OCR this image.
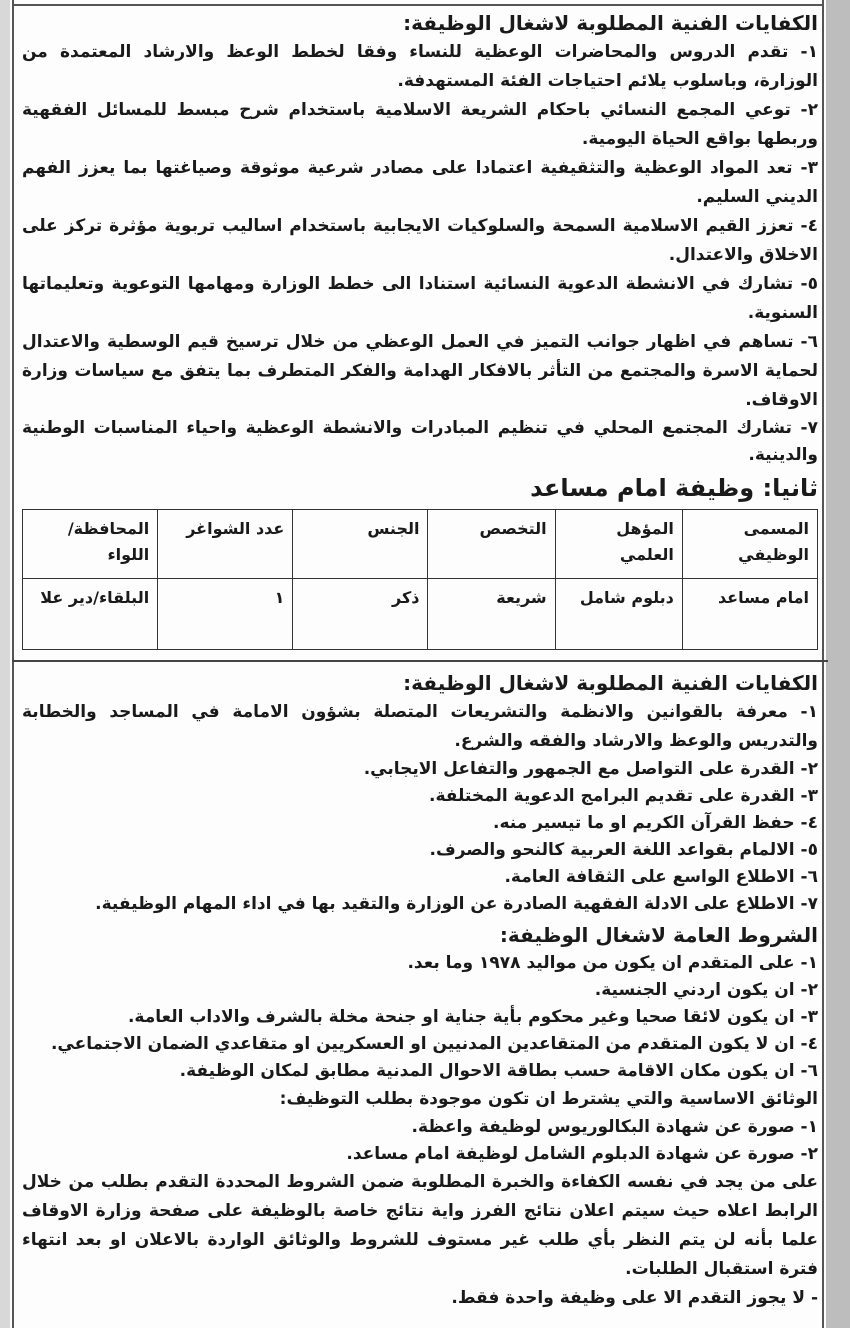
الكفايات الفنية المطلوبة لاشغال الوظيفة:

١- تقدم الدروس والمحاضرات الوعظية للنساء وفقا لخطط الوعظ والارشاد المعتمدة من الوزارة، وباسلوب يلائم احتياجات الفئة المستهدفة.

٢- توعي المجمع النسائي باحكام الشريعة الاسلامية باستخدام شرح مبسط للمسائل الفقهية وربطها بواقع الحياة اليومية.

٣- تعد المواد الوعظية والتثقيفية اعتمادا على مصادر شرعية موثوقة وصياغتها بما يعزز الفهم الديني السليم.

٤- تعزز القيم الاسلامية السمحة والسلوكيات الايجابية باستخدام اساليب تربوية مؤثرة تركز على الاخلاق والاعتدال.

٥- تشارك في الانشطة الدعوية النسائية استنادا الى خطط الوزارة ومهامها التوعوية وتعليماتها السنوية.

٦- تساهم في اظهار جوانب التميز في العمل الوعظي من خلال ترسيخ قيم الوسطية والاعتدال لحماية الاسرة والمجتمع من التأثر بالافكار الهدامة والفكر المتطرف بما يتفق مع سياسات وزارة الاوقاف.

٧- تشارك المجتمع المحلي في تنظيم المبادرات والانشطة الوعظية واحياء المناسبات الوطنية والدينية.

ثانيا: وظيفة امام مساعد
المسمى الوظيفي	المؤهل العلمي	التخصص	الجنس	عدد الشواغر	المحافظة/ اللواء
امام مساعد	دبلوم شامل	شريعة	ذكر	١	البلقاء/دير علا
الكفايات الفنية المطلوبة لاشغال الوظيفة:

١- معرفة بالقوانين والانظمة والتشريعات المتصلة بشؤون الامامة في المساجد والخطابة والتدريس والوعظ والارشاد والفقه والشرع.

٢- القدرة على التواصل مع الجمهور والتفاعل الايجابي.

٣- القدرة على تقديم البرامج الدعوية المختلفة.

٤- حفظ القرآن الكريم او ما تيسير منه.

٥- الالمام بقواعد اللغة العربية كالنحو والصرف.

٦- الاطلاع الواسع على الثقافة العامة.

٧- الاطلاع على الادلة الفقهية الصادرة عن الوزارة والتقيد بها في اداء المهام الوظيفية.

الشروط العامة لاشغال الوظيفة:

١- على المتقدم ان يكون من مواليد ١٩٧٨ وما بعد.

٢- ان يكون اردني الجنسية.

٣- ان يكون لائقا صحيا وغير محكوم بأية جناية او جنحة مخلة بالشرف والاداب العامة.

٤- ان لا يكون المتقدم من المتقاعدين المدنيين او العسكريين او متقاعدي الضمان الاجتماعي.

٦- ان يكون مكان الاقامة حسب بطاقة الاحوال المدنية مطابق لمكان الوظيفة.

الوثائق الاساسية والتي يشترط ان تكون موجودة بطلب التوظيف:

١- صورة عن شهادة البكالوريوس لوظيفة واعظة.

٢- صورة عن شهادة الدبلوم الشامل لوظيفة امام مساعد.

على من يجد في نفسه الكفاءة والخبرة المطلوبة ضمن الشروط المحددة التقدم بطلب من خلال الرابط اعلاه حيث سيتم اعلان نتائج الفرز واية نتائج خاصة بالوظيفة على صفحة وزارة الاوقاف علما بأنه لن يتم النظر بأي طلب غير مستوف للشروط والوثائق الواردة بالاعلان او بعد انتهاء فترة استقبال الطلبات.

- لا يجوز التقدم الا على وظيفة واحدة فقط.
